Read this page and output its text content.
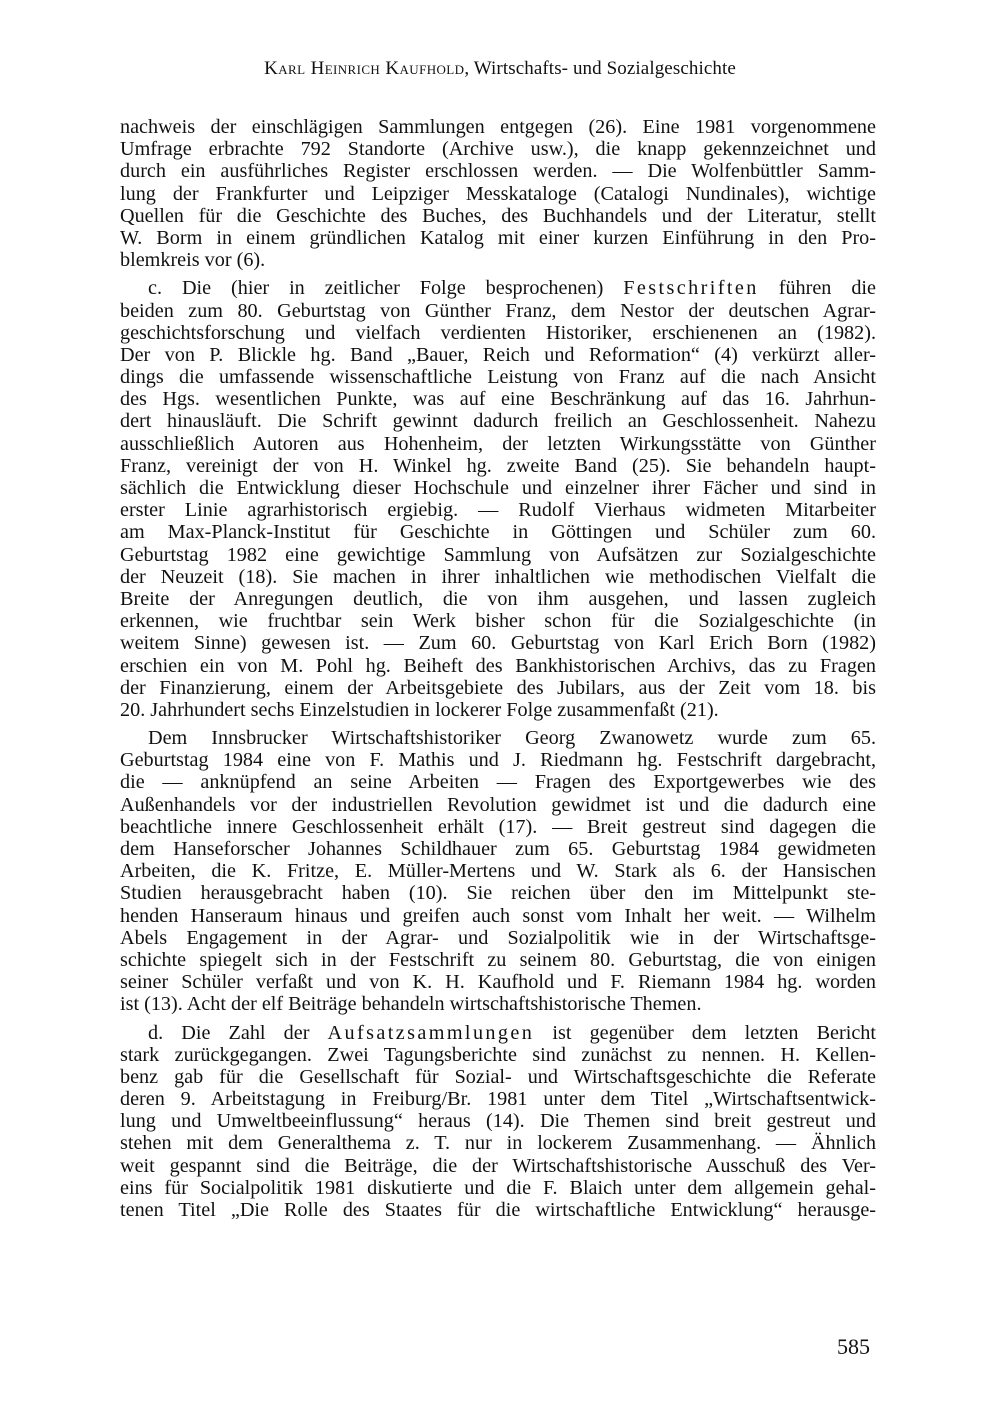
Karl Heinrich Kaufhold, Wirtschafts- und Sozialgeschichte
nachweis der einschlägigen Sammlungen entgegen (26). Eine 1981 vorgenommene
Umfrage erbrachte 792 Standorte (Archive usw.), die knapp gekennzeichnet und
durch ein ausführliches Register erschlossen werden. — Die Wolfenbüttler Samm-
lung der Frankfurter und Leipziger Messkataloge (Catalogi Nundinales), wichtige
Quellen für die Geschichte des Buches, des Buchhandels und der Literatur, stellt
W. Borm in einem gründlichen Katalog mit einer kurzen Einführung in den Pro-
blemkreis vor (6).
c. Die (hier in zeitlicher Folge besprochenen) Festschriften führen die
beiden zum 80. Geburtstag von Günther Franz, dem Nestor der deutschen Agrar-
geschichtsforschung und vielfach verdienten Historiker, erschienenen an (1982).
Der von P. Blickle hg. Band „Bauer, Reich und Reformation“ (4) verkürzt aller-
dings die umfassende wissenschaftliche Leistung von Franz auf die nach Ansicht
des Hgs. wesentlichen Punkte, was auf eine Beschränkung auf das 16. Jahrhun-
dert hinausläuft. Die Schrift gewinnt dadurch freilich an Geschlossenheit. Nahezu
ausschließlich Autoren aus Hohenheim, der letzten Wirkungsstätte von Günther
Franz, vereinigt der von H. Winkel hg. zweite Band (25). Sie behandeln haupt-
sächlich die Entwicklung dieser Hochschule und einzelner ihrer Fächer und sind in
erster Linie agrarhistorisch ergiebig. — Rudolf Vierhaus widmeten Mitarbeiter
am Max-Planck-Institut für Geschichte in Göttingen und Schüler zum 60.
Geburtstag 1982 eine gewichtige Sammlung von Aufsätzen zur Sozialgeschichte
der Neuzeit (18). Sie machen in ihrer inhaltlichen wie methodischen Vielfalt die
Breite der Anregungen deutlich, die von ihm ausgehen, und lassen zugleich
erkennen, wie fruchtbar sein Werk bisher schon für die Sozialgeschichte (in
weitem Sinne) gewesen ist. — Zum 60. Geburtstag von Karl Erich Born (1982)
erschien ein von M. Pohl hg. Beiheft des Bankhistorischen Archivs, das zu Fragen
der Finanzierung, einem der Arbeitsgebiete des Jubilars, aus der Zeit vom 18. bis
20. Jahrhundert sechs Einzelstudien in lockerer Folge zusammenfaßt (21).
Dem Innsbrucker Wirtschaftshistoriker Georg Zwanowetz wurde zum 65.
Geburtstag 1984 eine von F. Mathis und J. Riedmann hg. Festschrift dargebracht,
die — anknüpfend an seine Arbeiten — Fragen des Exportgewerbes wie des
Außenhandels vor der industriellen Revolution gewidmet ist und die dadurch eine
beachtliche innere Geschlossenheit erhält (17). — Breit gestreut sind dagegen die
dem Hanseforscher Johannes Schildhauer zum 65. Geburtstag 1984 gewidmeten
Arbeiten, die K. Fritze, E. Müller-Mertens und W. Stark als 6. der Hansischen
Studien herausgebracht haben (10). Sie reichen über den im Mittelpunkt ste-
henden Hanseraum hinaus und greifen auch sonst vom Inhalt her weit. — Wilhelm
Abels Engagement in der Agrar- und Sozialpolitik wie in der Wirtschaftsge-
schichte spiegelt sich in der Festschrift zu seinem 80. Geburtstag, die von einigen
seiner Schüler verfaßt und von K. H. Kaufhold und F. Riemann 1984 hg. worden
ist (13). Acht der elf Beiträge behandeln wirtschaftshistorische Themen.
d. Die Zahl der Aufsatzsammlungen ist gegenüber dem letzten Bericht
stark zurückgegangen. Zwei Tagungsberichte sind zunächst zu nennen. H. Kellen-
benz gab für die Gesellschaft für Sozial- und Wirtschaftsgeschichte die Referate
deren 9. Arbeitstagung in Freiburg/Br. 1981 unter dem Titel „Wirtschaftsentwick-
lung und Umweltbeeinflussung“ heraus (14). Die Themen sind breit gestreut und
stehen mit dem Generalthema z. T. nur in lockerem Zusammenhang. — Ähnlich
weit gespannt sind die Beiträge, die der Wirtschaftshistorische Ausschuß des Ver-
eins für Socialpolitik 1981 diskutierte und die F. Blaich unter dem allgemein gehal-
tenen Titel „Die Rolle des Staates für die wirtschaftliche Entwicklung“ herausge-
585
